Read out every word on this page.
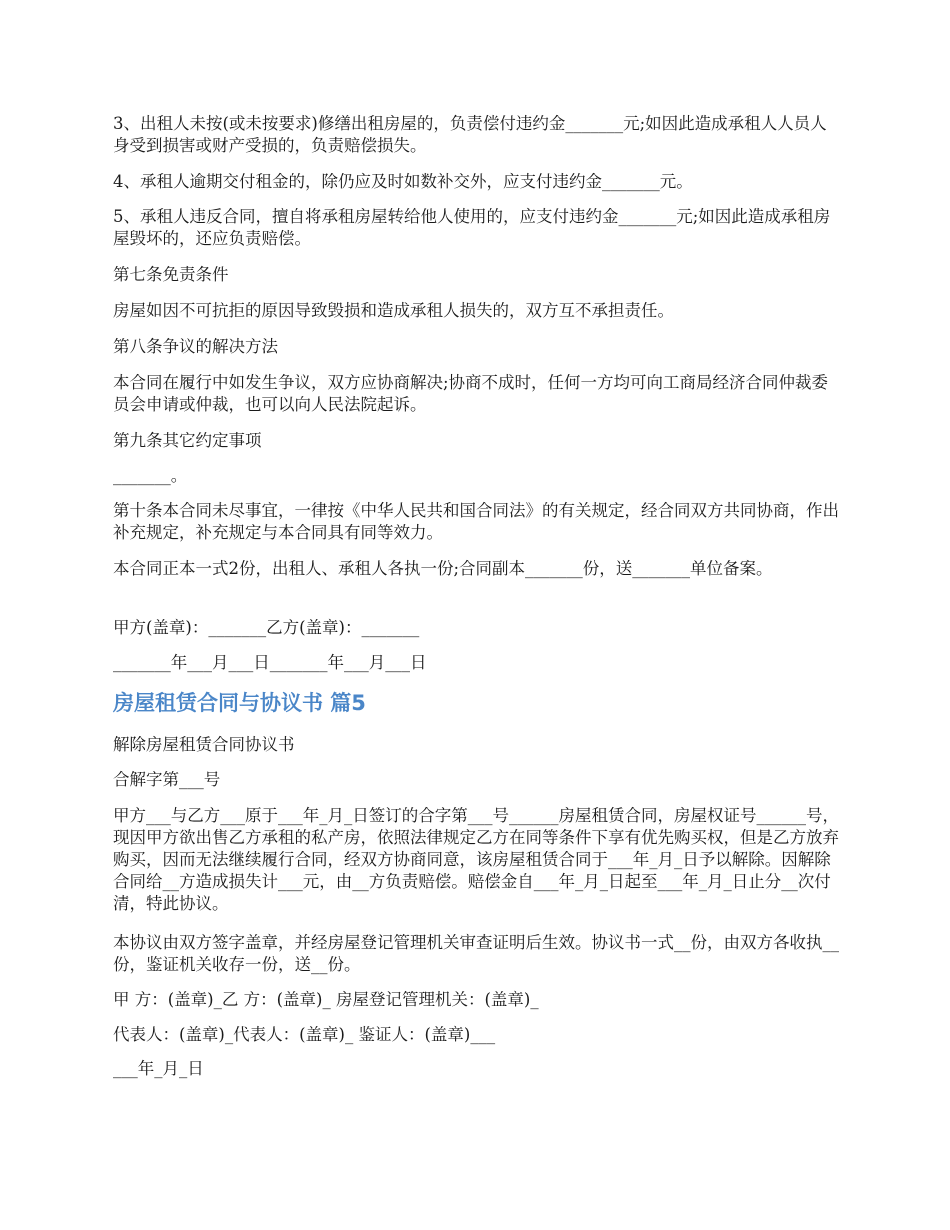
3、出租人未按(或未按要求)修缮出租房屋的，负责偿付违约金_______元;如因此造成承租人人员人身受到损害或财产受损的，负责赔偿损失。

4、承租人逾期交付租金的，除仍应及时如数补交外，应支付违约金_______元。

5、承租人违反合同，擅自将承租房屋转给他人使用的，应支付违约金_______元;如因此造成承租房屋毁坏的，还应负责赔偿。

第七条免责条件

房屋如因不可抗拒的原因导致毁损和造成承租人损失的，双方互不承担责任。

第八条争议的解决方法

本合同在履行中如发生争议，双方应协商解决;协商不成时，任何一方均可向工商局经济合同仲裁委员会申请或仲裁，也可以向人民法院起诉。

第九条其它约定事项

_______。

第十条本合同未尽事宜，一律按《中华人民共和国合同法》的有关规定，经合同双方共同协商，作出补充规定，补充规定与本合同具有同等效力。

本合同正本一式2份，出租人、承租人各执一份;合同副本_______份，送_______单位备案。

甲方(盖章)：_______乙方(盖章)：_______

_______年___月___日_______年___月___日

房屋租赁合同与协议书 篇5

解除房屋租赁合同协议书

合解字第___号

甲方___与乙方___原于___年_月_日签订的合字第___号______房屋租赁合同，房屋权证号______号，现因甲方欲出售乙方承租的私产房，依照法律规定乙方在同等条件下享有优先购买权，但是乙方放弃购买，因而无法继续履行合同，经双方协商同意，该房屋租赁合同于___年_月_日予以解除。因解除合同给__方造成损失计___元，由__方负责赔偿。赔偿金自___年_月_日起至___年_月_日止分__次付清，特此协议。

本协议由双方签字盖章，并经房屋登记管理机关审查证明后生效。协议书一式__份，由双方各收执__份，鉴证机关收存一份，送__份。

甲 方：(盖章)_乙 方：(盖章)_ 房屋登记管理机关：(盖章)_

代表人：(盖章)_代表人：(盖章)_ 鉴证人：(盖章)___

___年_月_日
